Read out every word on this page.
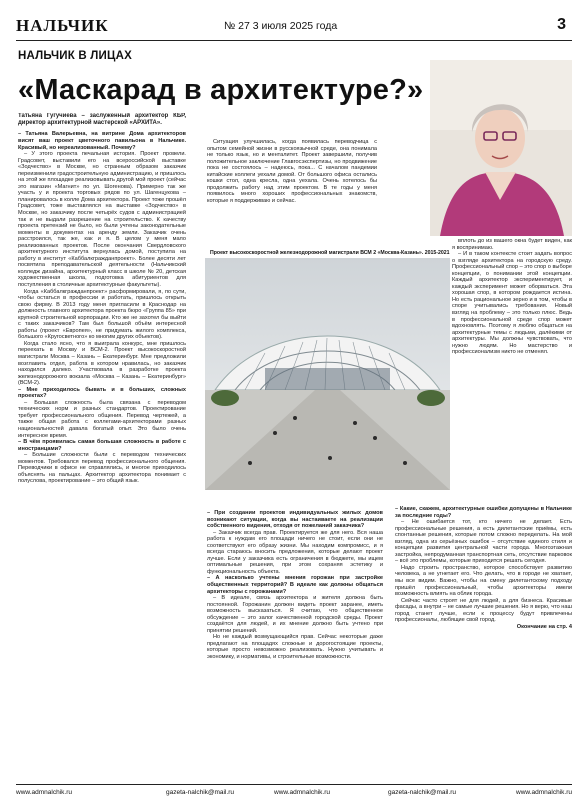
НАЛЬЧИК	№ 27 3 июля 2025 года	3
НАЛЬЧИК В ЛИЦАХ
«Маскарад в архитектуре?»

Татьяна Гугучиева – заслуженный архитектор КБР, директор архитектурной мастерской «АРХИТА».

– Татьяна Валерьевна, на витрине Дома архитекторов висят ваш проект цветочного павильона в Нальчике. Красивый, но нереализованный. Почему?

– У этого проекта печальная история. Проект провели. Градсовет, выставили его на всероссийской выставке «Зодчество» в Москве, но странным образом заказчик переизменили градостроительную администрацию, и пришлось на этой же площадке реализовывать другой мой проект (сейчас это магазин «Магнит» по ул. Шогенова). Примерно так же участь у и проекта торговых рядов по ул. Шагенцукова – планировалось в колле Дома архитектора. Проект тоже прошёл Градсовет, тоже выставлялся на выставке «Зодчество» в Москве, но заказчику после четырёх судов с администрацией так и не выдали разрешение на строительство. К качеству проекта претензий не было, но были учтены законодательные моменты в документах на аренду земли. Заказчик очень расстроился, так же, как и я. В целом у меня мало реализованных проектов. После окончания Свердловского архитектурного института вернулась домой, поступила на работу в институт «Каббалкгражданпроект». Более десяти лет посвятила преподавательской деятельности (Нальчикский колледж дизайна, архитектурный класс в школе № 20, детская художественная школа, подготовка абитуриентов для поступления в столичные архитектурные факультеты).

Когда «Каббалкгражданпроект» расформировали, я, по сути, чтобы остаться в профессии и работать, пришлось открыть свою фирму. В 2013 году меня пригласили в Краснодар на должность главного архитектора проекта бюро «Группа 85» при крупной строительной корпорации. Кто же не захотел бы выйти с таких заказчиков? Там был большой объём интересной работы (проект «Европея», не придумать жилого комплекса, большого «Кругосветного» ко многим других объектов).

Когда стало ясно, что я выиграла конкурс, мне пришлось переехать в Москву и ВСМ-2. Проект высокоскоростной магистрали Москва – Казань – Екатеринбург. Мне предложили возглавить отдел, работа в котором нравилась, но заказчик находился далеко. Участвовала в разработке проекта железнодорожного вокзала «Москва – Казань – Екатеринбург» (ВСМ-2).

– Мне приходилось бывать и в больших, сложных проектах?

– Большая сложность была связана с переводом технических норм и разных стандартов. Проектирование требует профессионального общения. Перевод чертежей, а также общая работа с коллегами-архитекторами разных национальностей давала богатый опыт. Это было очень интересное время.

– В чём проявилась самая большая сложность в работе с иностранцами?

– Большие сложности были с переводом технических моментов. Требовался перевод профессионального общения. Переводчики в офисе не справлялись, и многое приходилось объяснять на пальцах. Архитектор архитектора понимает с полуслова, проектирование – это общий язык.

Ситуация улучшилась, когда появилась переводчица с опытом семейной жизни в русскоязычной среде, она понимала не только язык, но и менталитет. Проект завершили, получив положительное заключение Главгосэкспертизы, но продвижение пока не состоялось – надеюсь, пока... С началом пандемии китайские коллеги уехали домой. От большого офиса остались кошки стол, одна кресла, одна уехала. Очень хотелось бы продолжить работу над этим проектом. В те годы у меня появилось много хороших профессиональных знакомств, которые я поддерживаю и сейчас.

Проект высокоскоростной железнодорожной магистрали ВСМ 2 «Москва-Казань». 2015-2021

– При создании проектов индивидуальных жилых домов возникают ситуации, когда вы настаиваете на реализации собственного видения, отходя от пожеланий заказчика?

– Заказчик всегда прав. Проектируется же для него. Вся наша работа к нуждам его площади ничего не стоит, если они не соответствуют его образу жизни. Мы находим компромисс, и я всегда стараюсь вносить предложения, которые делают проект лучше. Если у заказчика есть ограничения в бюджете, мы ищем оптимальные решения, при этом сохраняя эстетику и функциональность объекта.

– А насколько учтены мнения горожан при застройке общественных территорий? В идеале как должны общаться архитекторы с горожанами?

– В идеале, связь архитектора и жителя должна быть постоянной. Горожанин должен видеть проект заранее, иметь возможность высказаться. Я считаю, что общественное обсуждение – это залог качественной городской среды. Проект создаётся для людей, и их мнение должно быть учтено при принятии решений.

Но не каждый возмущающийся прав. Сейчас некоторые даже предлагают на площадях сложные и дорогостоящие проекты, которые просто невозможно реализовать. Нужно учитывать и экономику, и нормативы, и строительные возможности.

вплоть до из вашего окна будет виден, как я воспринимаю.

– И в таком контексте стоит задать вопрос о взгляде архитектора на городскую среду. Профессиональный спор – это спор о выборе концепции, о понимании этой концепции. Каждый архитектор экспериментирует, и каждый эксперимент может оборваться. Эта хорошая спор, в котором рождается истина. Но есть рациональное зерно и в том, чтобы в споре учитывались требования. Новый взгляд на проблему – это только плюс. Ведь в профессиональной среде спор может вдохновлять. Поэтому я люблю общаться на архитектурные темы с людьми, далёкими от архитектуры. Мы должны чувствовать, что нужно людям. Но мастерство и профессионализм никто не отменял.

– Какие, скажем, архитектурные ошибки допущены в Нальчике за последние годы?

– Не ошибается тот, кто ничего не делает. Есть профессиональные решения, а есть дилетантские приёмы, есть спонтанные решения, которые потом сложно переделать. На мой взгляд, одна из серьёзных ошибок – отсутствие единого стиля и концепции развития центральной части города. Многоэтажная застройка, непродуманная транспортная сеть, отсутствие парковок – всё это проблемы, которые приходится решать сегодня.

Надо строить пространство, которое способствует развитию человека, а не угнетает его. Что делать, что в городе не хватает, мы все видим. Важно, чтобы на смену дилетантскому подходу пришёл профессиональный, чтобы архитекторы имели возможность влиять на облик города.

Сейчас часто строят не для людей, а для бизнеса. Красивые фасады, а внутри – не самые лучшие решения. Но я верю, что наш город станет лучше, если к процессу будут привлечены профессионалы, любящие свой город.

Окончание на стр. 4

www.admnalchik.ru	gazeta-nalchik@mail.ru	www.admnalchik.ru	gazeta-nalchik@mail.ru	www.admnalchik.ru
